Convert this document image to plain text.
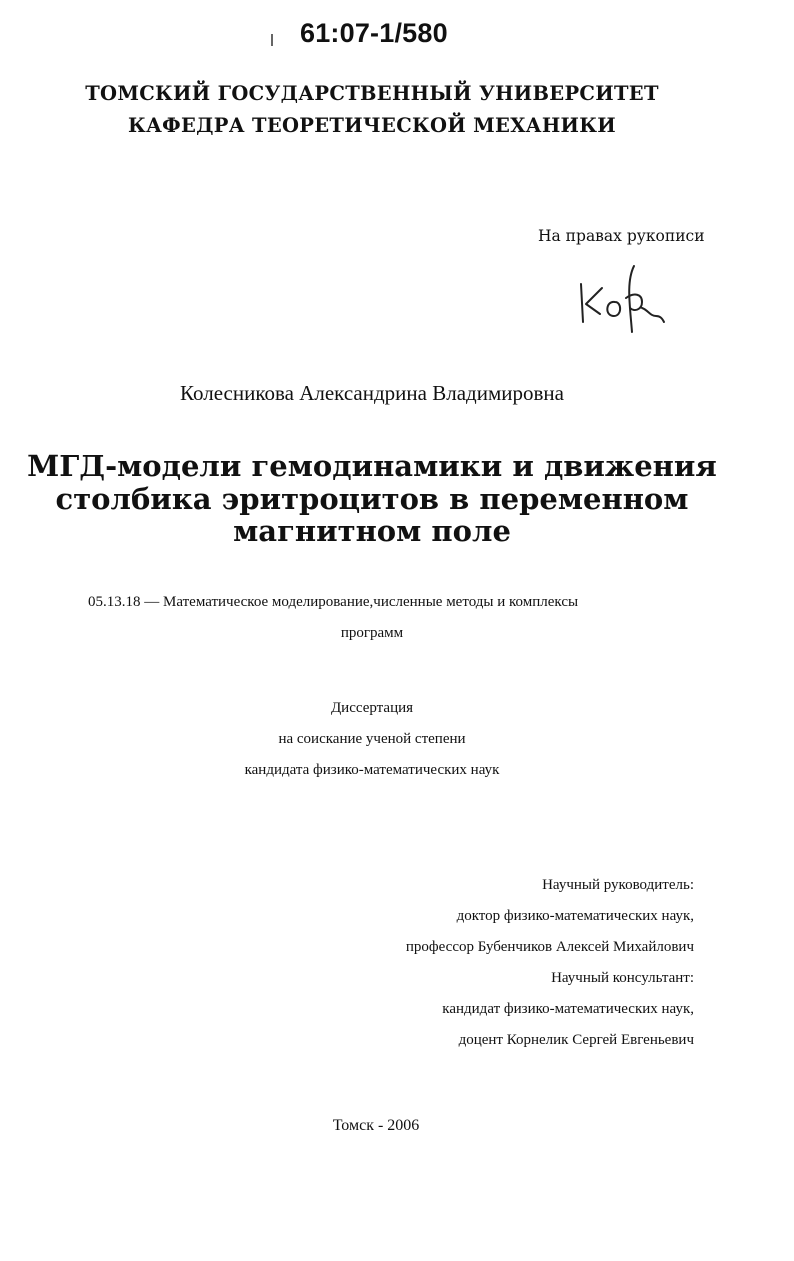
61:07-1/580
ТОМСКИЙ ГОСУДАРСТВЕННЫЙ УНИВЕРСИТЕТ
КАФЕДРА ТЕОРЕТИЧЕСКОЙ МЕХАНИКИ
На правах рукописи
Колесникова Александрина Владимировна
МГД-модели гемодинамики и движения
столбика эритроцитов в переменном
магнитном поле
05.13.18 — Математическое моделирование,численные методы и комплексы
программ
Диссертация
на соискание ученой степени
кандидата физико-математических наук
Научный руководитель:
доктор физико-математических наук,
профессор Бубенчиков Алексей Михайлович
Научный консультант:
кандидат физико-математических наук,
доцент Корнелик Сергей Евгеньевич
Томск - 2006
